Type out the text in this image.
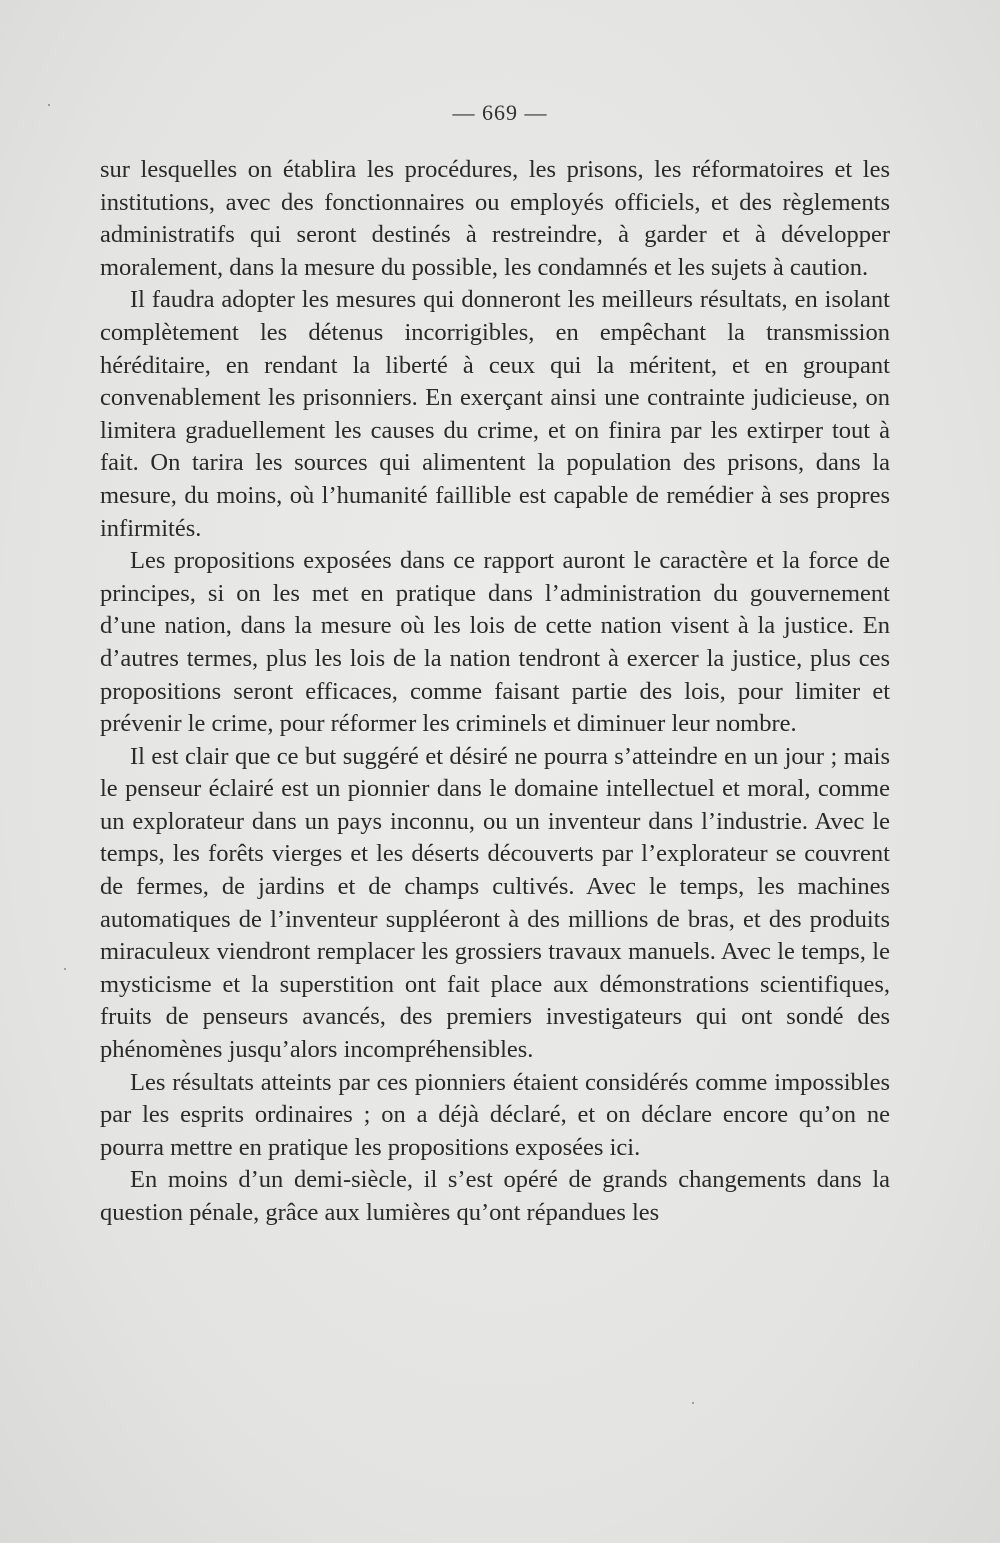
— 669 —

sur lesquelles on établira les procédures, les prisons, les réformatoires et les institutions, avec des fonctionnaires ou employés officiels, et des règlements administratifs qui seront destinés à restreindre, à garder et à développer moralement, dans la mesure du possible, les condamnés et les sujets à caution.

Il faudra adopter les mesures qui donneront les meilleurs résultats, en isolant complètement les détenus incorrigibles, en empêchant la transmission héréditaire, en rendant la liberté à ceux qui la méritent, et en groupant convenablement les prisonniers. En exerçant ainsi une contrainte judicieuse, on limitera graduellement les causes du crime, et on finira par les extirper tout à fait. On tarira les sources qui alimentent la population des prisons, dans la mesure, du moins, où l’humanité faillible est capable de remédier à ses propres infirmités.

Les propositions exposées dans ce rapport auront le caractère et la force de principes, si on les met en pratique dans l’administration du gouvernement d’une nation, dans la mesure où les lois de cette nation visent à la justice. En d’autres termes, plus les lois de la nation tendront à exercer la justice, plus ces propositions seront efficaces, comme faisant partie des lois, pour limiter et prévenir le crime, pour réformer les criminels et diminuer leur nombre.

Il est clair que ce but suggéré et désiré ne pourra s’atteindre en un jour ; mais le penseur éclairé est un pionnier dans le domaine intellectuel et moral, comme un explorateur dans un pays inconnu, ou un inventeur dans l’industrie. Avec le temps, les forêts vierges et les déserts découverts par l’explorateur se couvrent de fermes, de jardins et de champs cultivés. Avec le temps, les machines automatiques de l’inventeur suppléeront à des millions de bras, et des produits miraculeux viendront remplacer les grossiers travaux manuels. Avec le temps, le mysticisme et la superstition ont fait place aux démonstrations scientifiques, fruits de penseurs avancés, des premiers investigateurs qui ont sondé des phénomènes jusqu’alors incompréhensibles.

Les résultats atteints par ces pionniers étaient considérés comme impossibles par les esprits ordinaires ; on a déjà déclaré, et on déclare encore qu’on ne pourra mettre en pratique les propositions exposées ici.

En moins d’un demi-siècle, il s’est opéré de grands changements dans la question pénale, grâce aux lumières qu’ont répandues les
